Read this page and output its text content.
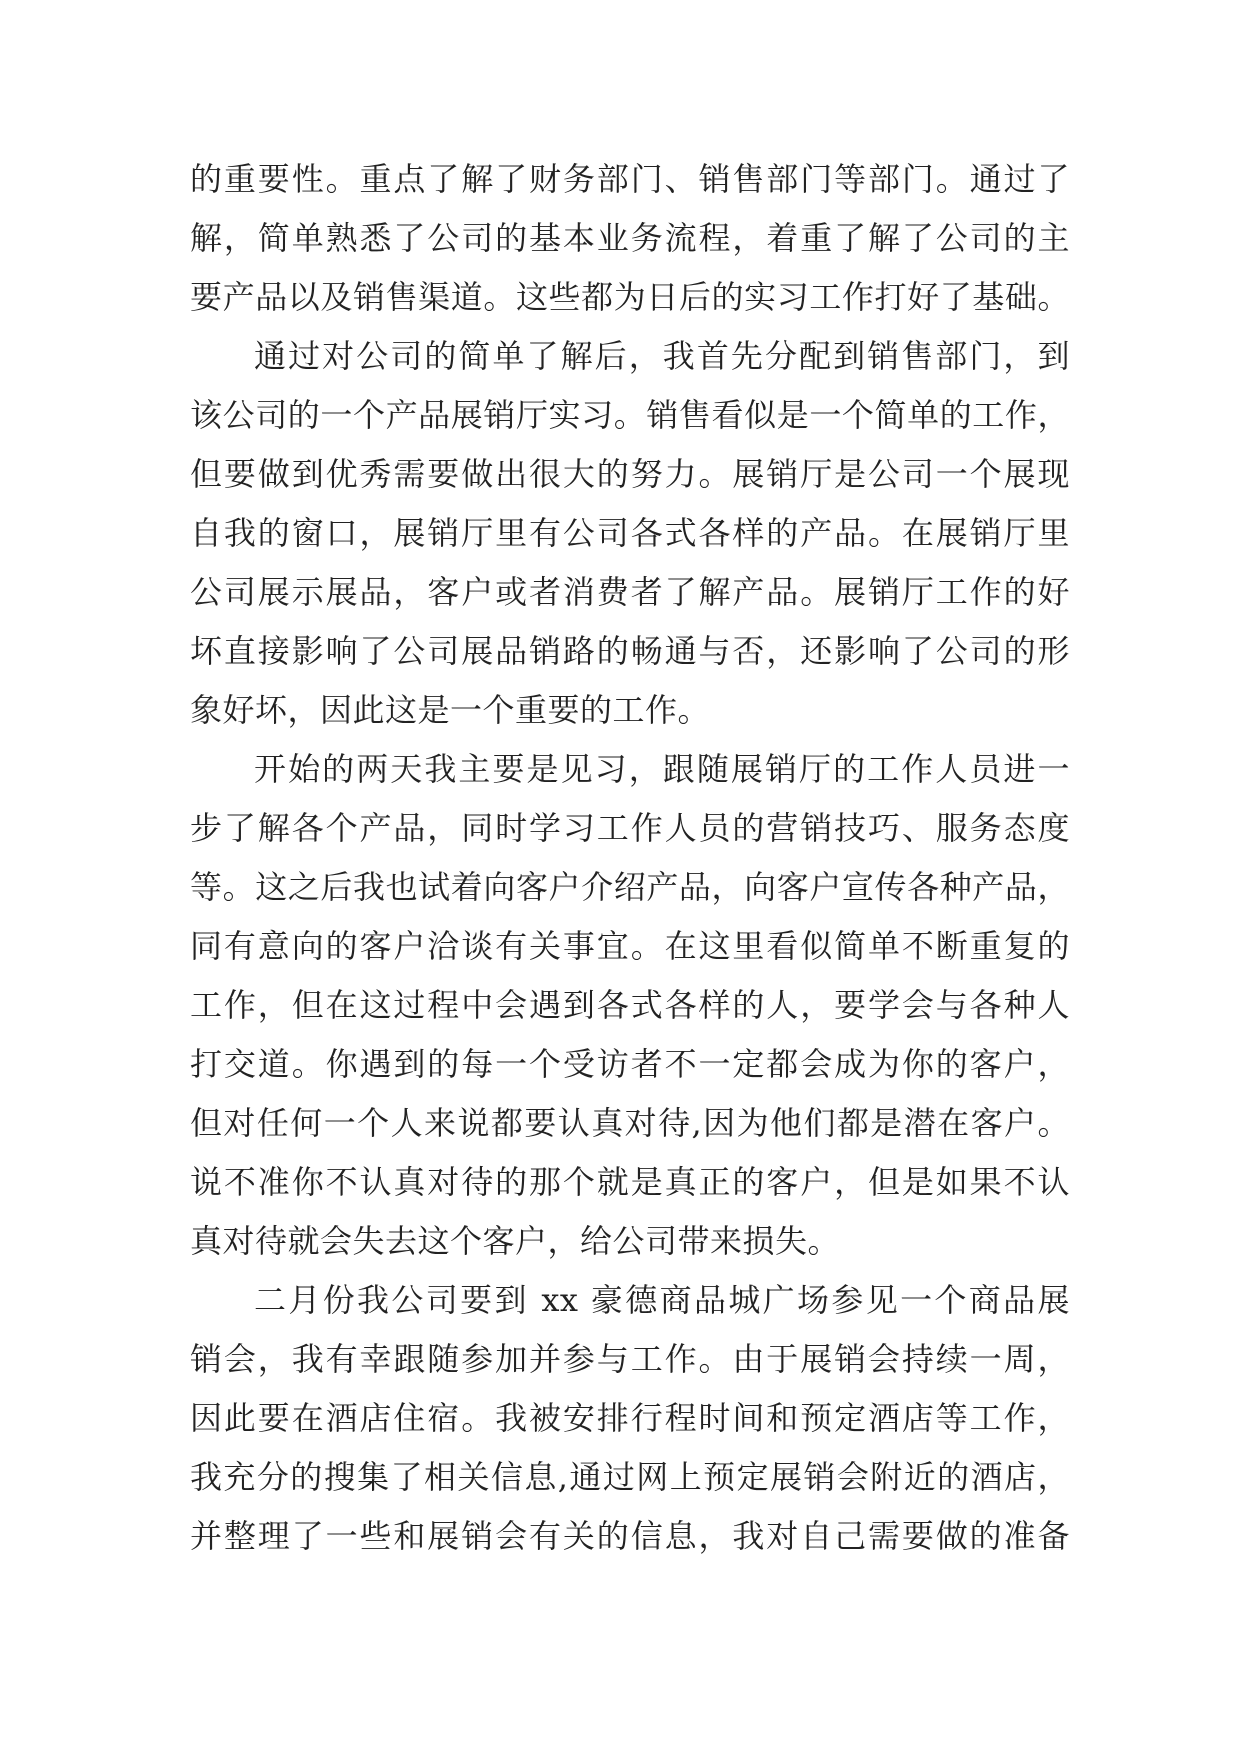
的重要性。重点了解了财务部门、销售部门等部门。通过了
解，简单熟悉了公司的基本业务流程，着重了解了公司的主
要产品以及销售渠道。这些都为日后的实习工作打好了基础。
通过对公司的简单了解后，我首先分配到销售部门，到
该公司的一个产品展销厅实习。销售看似是一个简单的工作，
但要做到优秀需要做出很大的努力。展销厅是公司一个展现
自我的窗口，展销厅里有公司各式各样的产品。在展销厅里
公司展示展品，客户或者消费者了解产品。展销厅工作的好
坏直接影响了公司展品销路的畅通与否，还影响了公司的形
象好坏，因此这是一个重要的工作。
开始的两天我主要是见习，跟随展销厅的工作人员进一
步了解各个产品，同时学习工作人员的营销技巧、服务态度
等。这之后我也试着向客户介绍产品，向客户宣传各种产品，
同有意向的客户洽谈有关事宜。在这里看似简单不断重复的
工作，但在这过程中会遇到各式各样的人，要学会与各种人
打交道。你遇到的每一个受访者不一定都会成为你的客户，
但对任何一个人来说都要认真对待,因为他们都是潜在客户。
说不准你不认真对待的那个就是真正的客户，但是如果不认
真对待就会失去这个客户，给公司带来损失。
二月份我公司要到 xx 豪德商品城广场参见一个商品展
销会，我有幸跟随参加并参与工作。由于展销会持续一周，
因此要在酒店住宿。我被安排行程时间和预定酒店等工作，
我充分的搜集了相关信息,通过网上预定展销会附近的酒店，
并整理了一些和展销会有关的信息，我对自己需要做的准备
